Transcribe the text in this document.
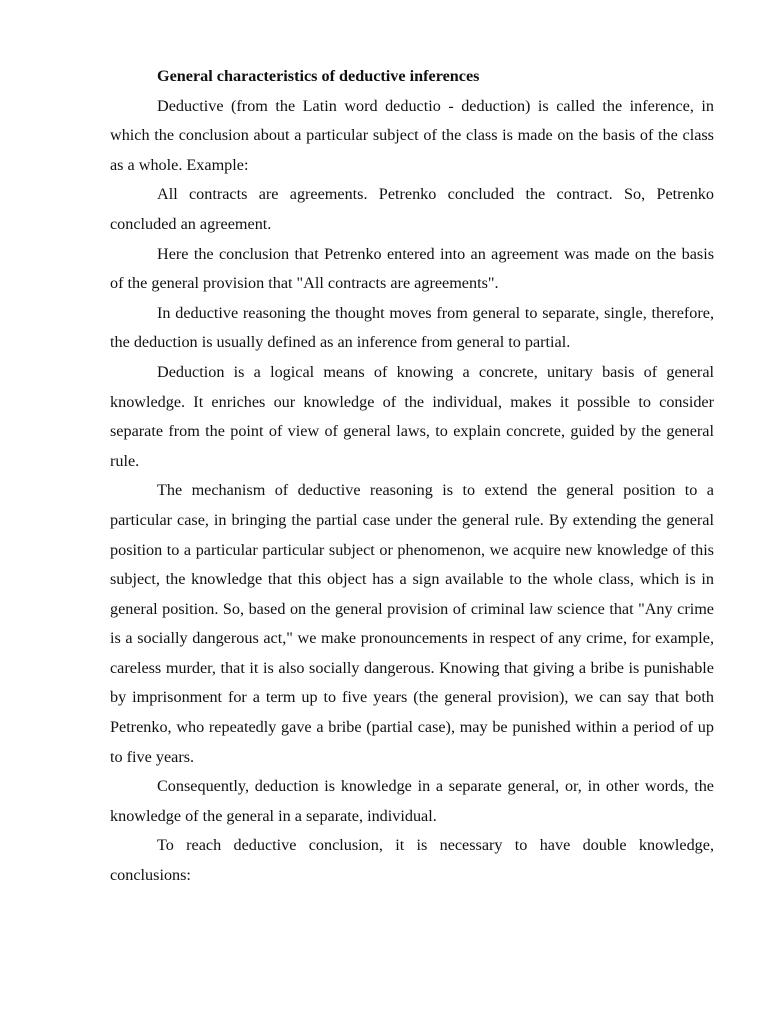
General characteristics of deductive inferences

Deductive (from the Latin word deductio - deduction) is called the inference, in which the conclusion about a particular subject of the class is made on the basis of the class as a whole. Example:

All contracts are agreements. Petrenko concluded the contract. So, Petrenko concluded an agreement.

Here the conclusion that Petrenko entered into an agreement was made on the basis of the general provision that "All contracts are agreements".

In deductive reasoning the thought moves from general to separate, single, therefore, the deduction is usually defined as an inference from general to partial.

Deduction is a logical means of knowing a concrete, unitary basis of general knowledge. It enriches our knowledge of the individual, makes it possible to consider separate from the point of view of general laws, to explain concrete, guided by the general rule.

The mechanism of deductive reasoning is to extend the general position to a particular case, in bringing the partial case under the general rule. By extending the general position to a particular particular subject or phenomenon, we acquire new knowledge of this subject, the knowledge that this object has a sign available to the whole class, which is in general position. So, based on the general provision of criminal law science that "Any crime is a socially dangerous act," we make pronouncements in respect of any crime, for example, careless murder, that it is also socially dangerous. Knowing that giving a bribe is punishable by imprisonment for a term up to five years (the general provision), we can say that both Petrenko, who repeatedly gave a bribe (partial case), may be punished within a period of up to five years.

Consequently, deduction is knowledge in a separate general, or, in other words, the knowledge of the general in a separate, individual.

To reach deductive conclusion, it is necessary to have double knowledge, conclusions:
